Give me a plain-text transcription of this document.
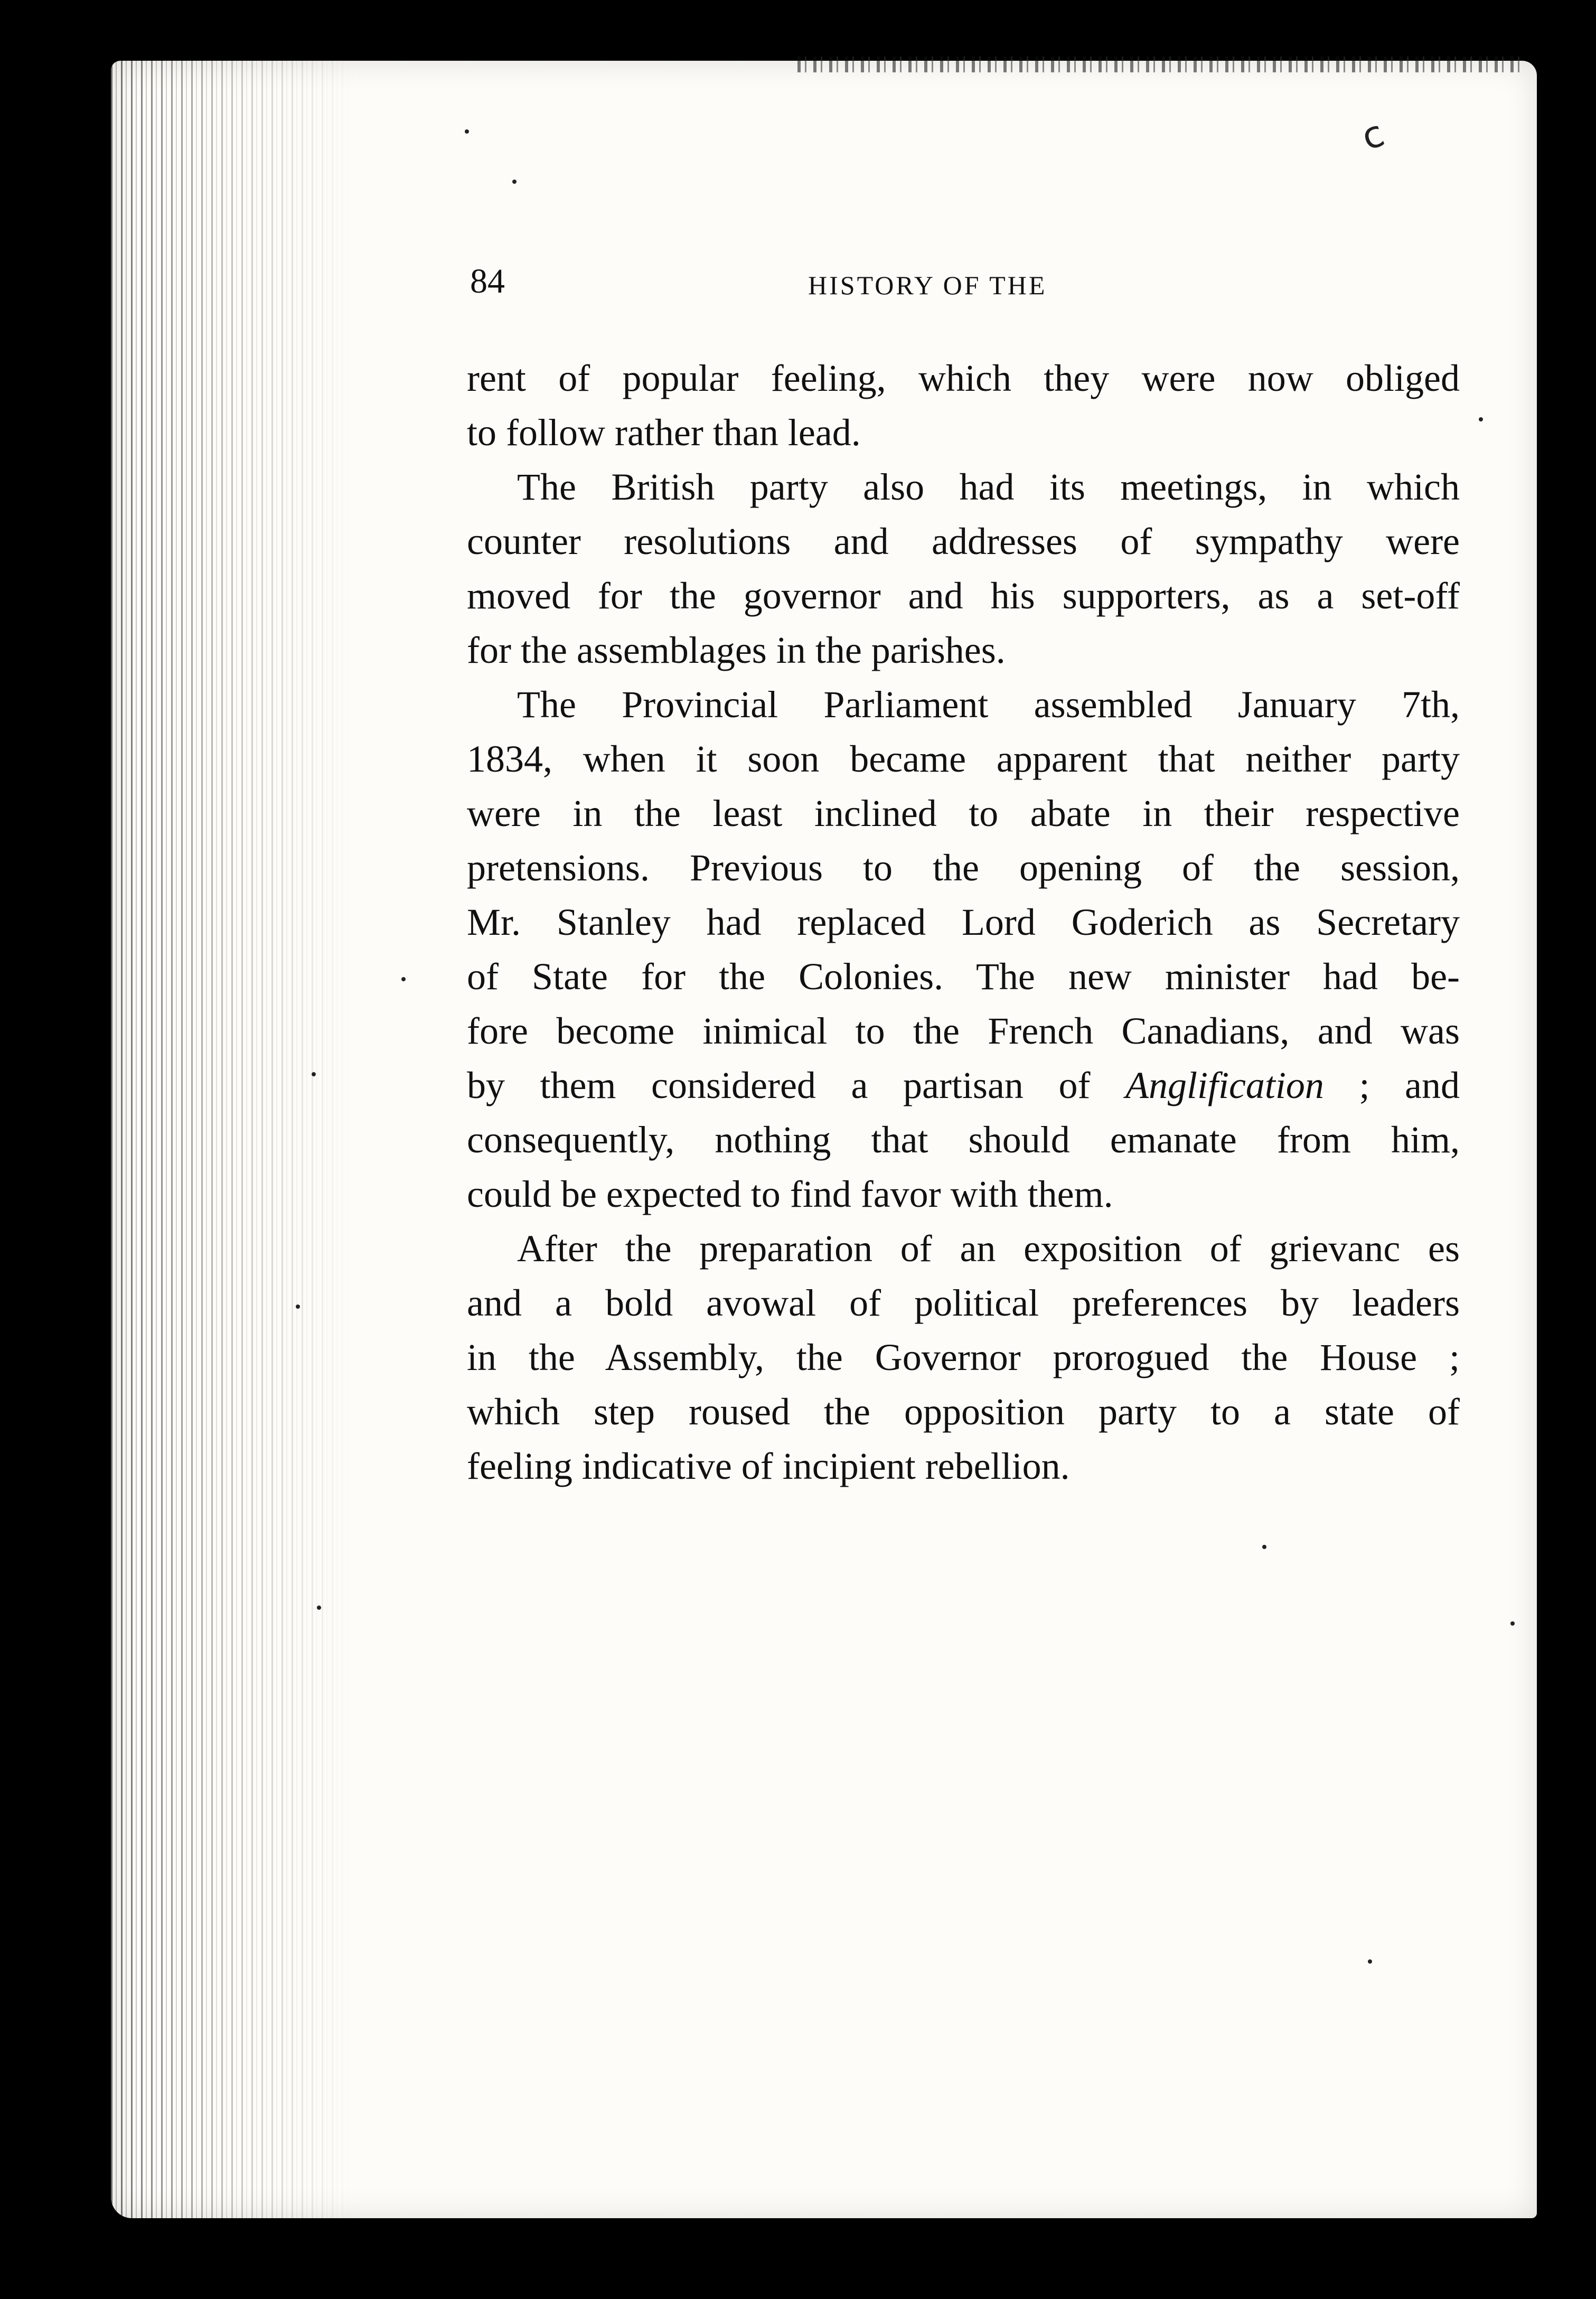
84	HISTORY OF THE

c
rent of popular feeling, which they were now obliged
to follow rather than lead.
The British party also had its meetings, in which
counter resolutions and addresses of sympathy were
moved for the governor and his supporters, as a set-off
for the assemblages in the parishes.
The Provincial Parliament assembled January 7th,
1834, when it soon became apparent that neither party
were in the least inclined to abate in their respective
pretensions. Previous to the opening of the session,
Mr. Stanley had replaced Lord Goderich as Secretary
of State for the Colonies. The new minister had be-
fore become inimical to the French Canadians, and was
by them considered a partisan of Anglification ; and
consequently, nothing that should emanate from him,
could be expected to find favor with them.
After the preparation of an exposition of grievanc es
and a bold avowal of political preferences by leaders
in the Assembly, the Governor prorogued the House ;
which step roused the opposition party to a state of
feeling indicative of incipient rebellion.
